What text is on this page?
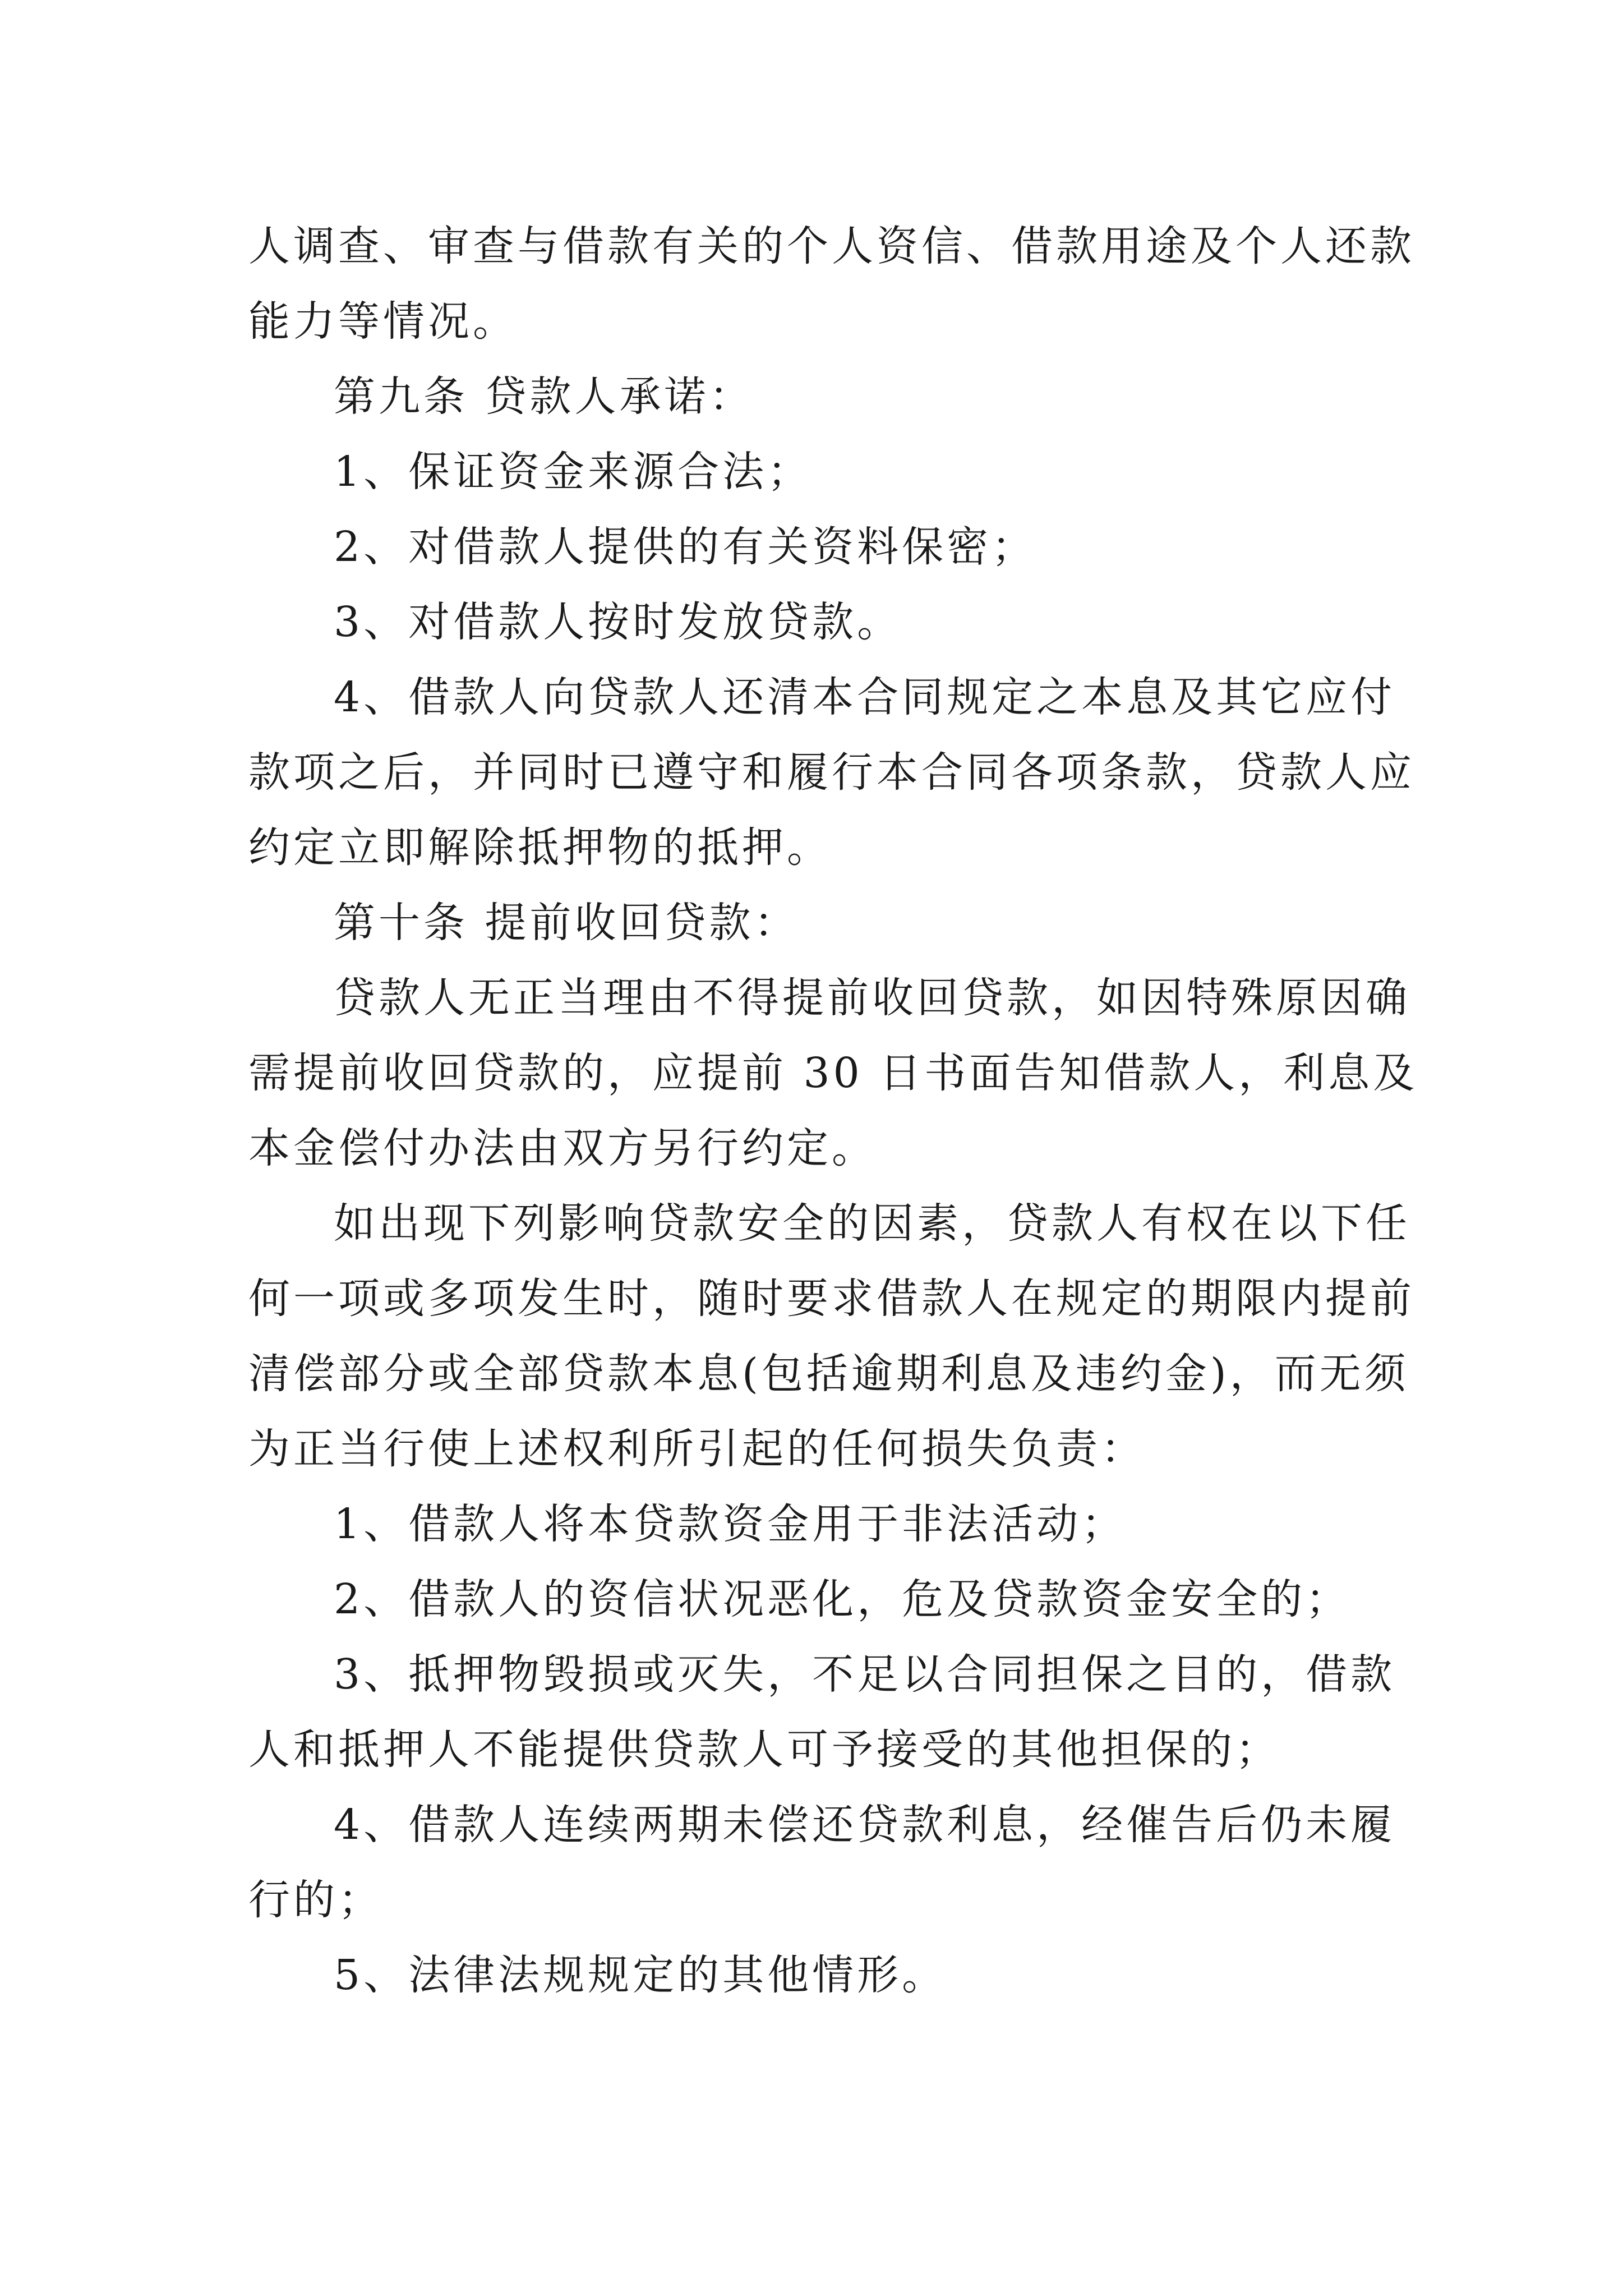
人调查、审查与借款有关的个人资信、借款用途及个人还款
能力等情况。
第九条 贷款人承诺：
1、保证资金来源合法；
2、对借款人提供的有关资料保密；
3、对借款人按时发放贷款。
4、借款人向贷款人还清本合同规定之本息及其它应付
款项之后，并同时已遵守和履行本合同各项条款，贷款人应
约定立即解除抵押物的抵押。
第十条 提前收回贷款：
贷款人无正当理由不得提前收回贷款，如因特殊原因确
需提前收回贷款的，应提前 30 日书面告知借款人，利息及
本金偿付办法由双方另行约定。
如出现下列影响贷款安全的因素，贷款人有权在以下任
何一项或多项发生时，随时要求借款人在规定的期限内提前
清偿部分或全部贷款本息(包括逾期利息及违约金)，而无须
为正当行使上述权利所引起的任何损失负责：
1、借款人将本贷款资金用于非法活动；
2、借款人的资信状况恶化，危及贷款资金安全的；
3、抵押物毁损或灭失，不足以合同担保之目的，借款
人和抵押人不能提供贷款人可予接受的其他担保的；
4、借款人连续两期未偿还贷款利息，经催告后仍未履
行的；
5、法律法规规定的其他情形。
